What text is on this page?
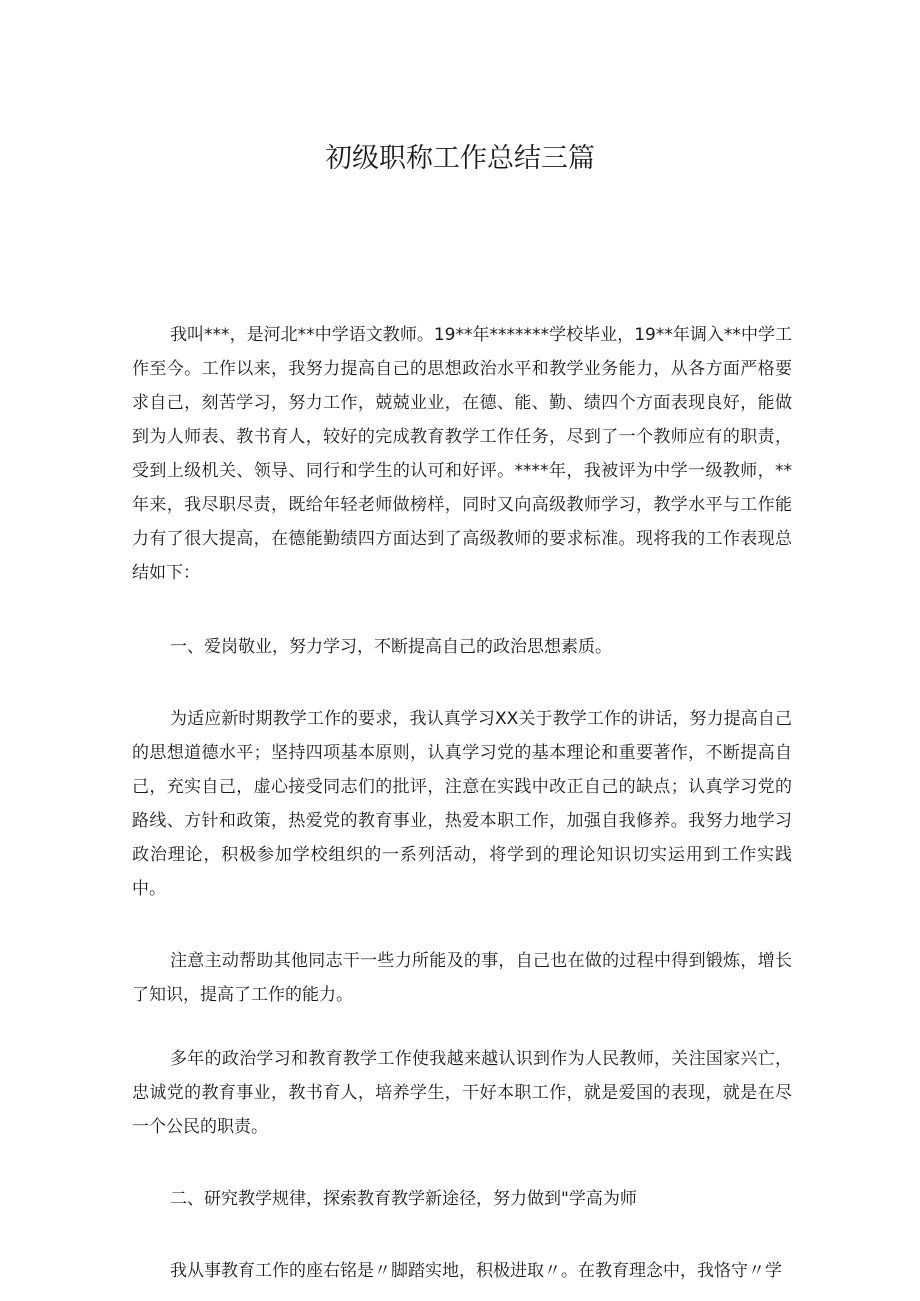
初级职称工作总结三篇

我叫***，是河北**中学语文教师。19**年*******学校毕业，19**年调入**中学工作至今。工作以来，我努力提高自己的思想政治水平和教学业务能力，从各方面严格要求自己，刻苦学习，努力工作，兢兢业业，在德、能、勤、绩四个方面表现良好，能做到为人师表、教书育人，较好的完成教育教学工作任务，尽到了一个教师应有的职责，受到上级机关、领导、同行和学生的认可和好评。****年，我被评为中学一级教师，**年来，我尽职尽责，既给年轻老师做榜样，同时又向高级教师学习，教学水平与工作能力有了很大提高，在德能勤绩四方面达到了高级教师的要求标准。现将我的工作表现总结如下：

一、爱岗敬业，努力学习，不断提高自己的政治思想素质。

为适应新时期教学工作的要求，我认真学习XX关于教学工作的讲话，努力提高自己的思想道德水平；坚持四项基本原则，认真学习党的基本理论和重要著作，不断提高自己，充实自己，虚心接受同志们的批评，注意在实践中改正自己的缺点；认真学习党的路线、方针和政策，热爱党的教育事业，热爱本职工作，加强自我修养。我努力地学习政治理论，积极参加学校组织的一系列活动，将学到的理论知识切实运用到工作实践中。

注意主动帮助其他同志干一些力所能及的事，自己也在做的过程中得到锻炼，增长了知识，提高了工作的能力。

多年的政治学习和教育教学工作使我越来越认识到作为人民教师，关注国家兴亡，忠诚党的教育事业，教书育人，培养学生，干好本职工作，就是爱国的表现，就是在尽一个公民的职责。

二、研究教学规律，探索教育教学新途径，努力做到"学高为师

我从事教育工作的座右铭是〃脚踏实地，积极进取〃。在教育理念中，我恪守〃学
